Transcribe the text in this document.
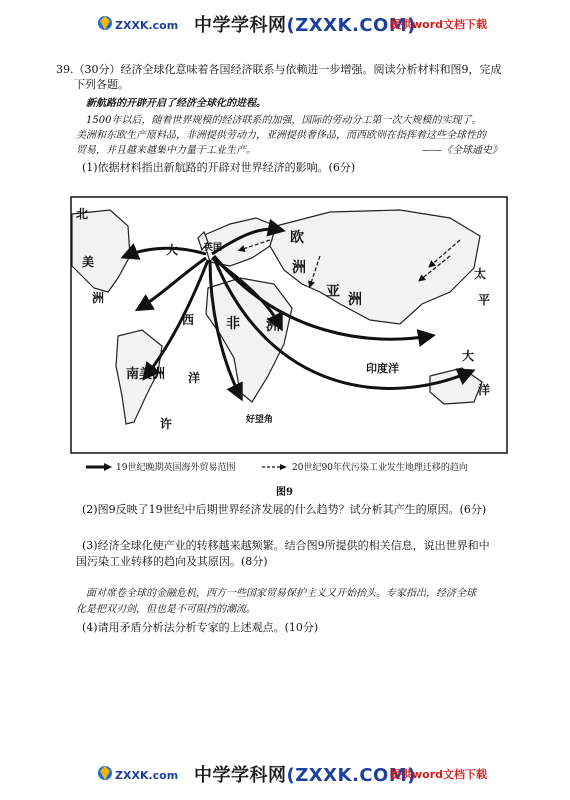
ZXXK.com 中学学科网(ZXXK.COM)
提供word文档下载
39.（30分）经济全球化意味着各国经济联系与依赖进一步增强。阅读分析材料和图9，完成
下列各题。
新航路的开辟开启了经济全球化的进程。
1500年以后，随着世界规模的经济联系的加强，国际的劳动分工第一次大规模的实现了。
美洲和东欧生产原料品，非洲提供劳动力，亚洲提供奢侈品，而西欧则在指挥着这些全球性的
贸易，并且越来越集中力量于工业生产。	——《全球通史》
(1)依据材料指出新航路的开辟对世界经济的影响。(6分)
北
美
洲
大	英国
欧
洲
亚 洲
非 洲
西
南美洲 洋
太
平
大
洋
印度洋
好望角
许
19世纪晚期英国海外贸易范围	20世纪90年代污染工业发生地理迁移的趋向
图9
(2)图9反映了19世纪中后期世界经济发展的什么趋势？试分析其产生的原因。(6分)
(3)经济全球化使产业的转移越来越频繁。结合图9所提供的相关信息，说出世界和中
国污染工业转移的趋向及其原因。(8分)
面对席卷全球的金融危机，西方一些国家贸易保护主义又开始抬头。专家指出，经济全球
化是把双刃剑，但也是不可阻挡的潮流。
(4)请用矛盾分析法分析专家的上述观点。(10分)
ZXXK.com 中学学科网(ZXXK.COM)
提供word文档下载
